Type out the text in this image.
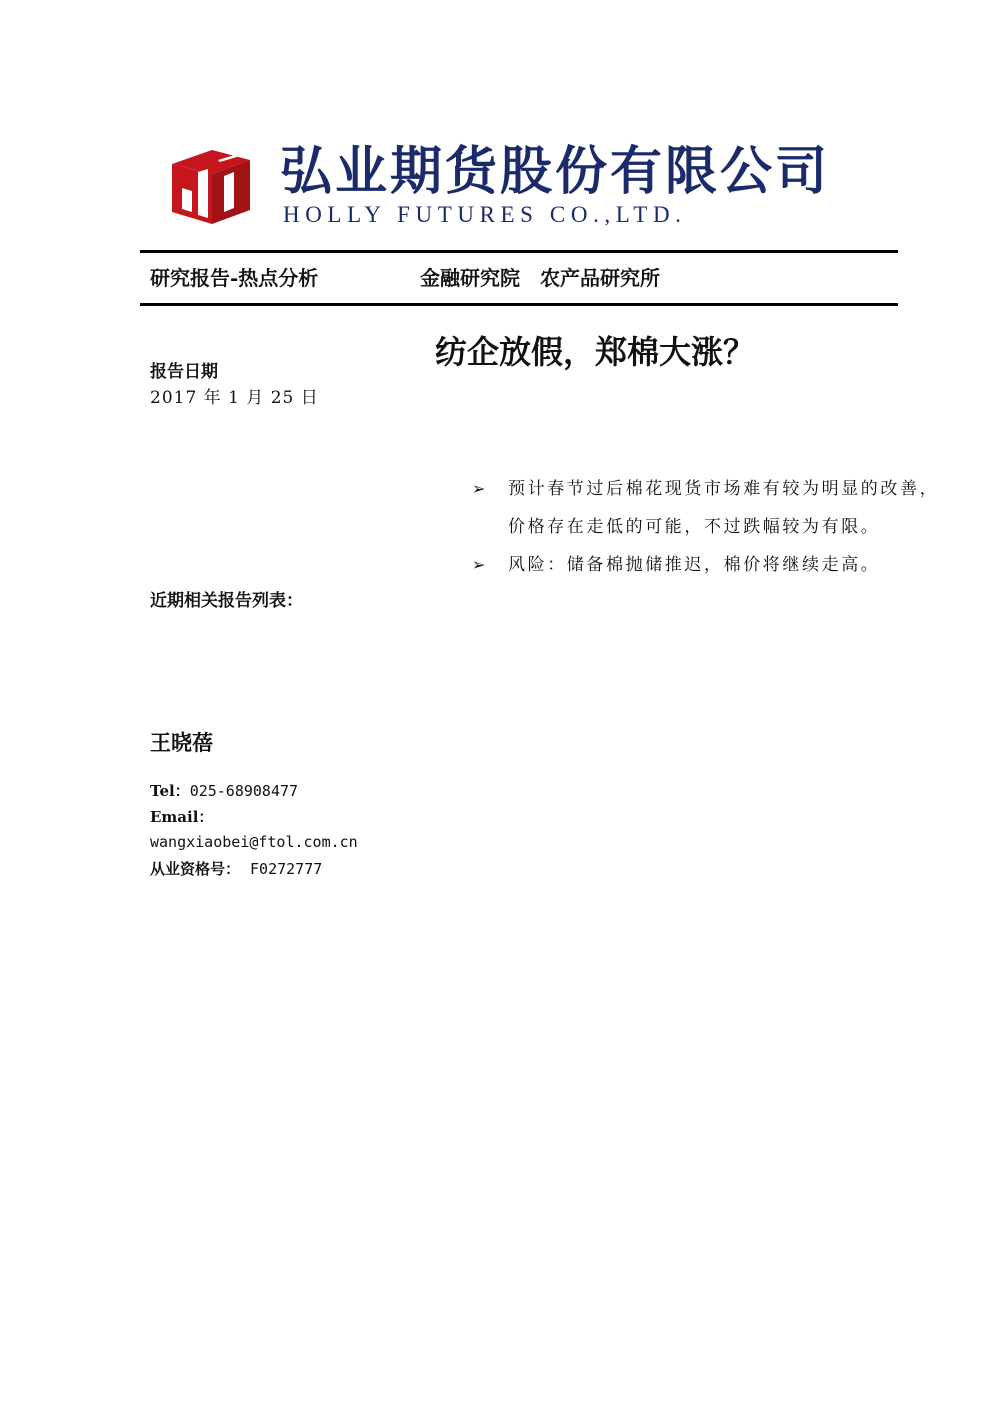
弘业期货股份有限公司
HOLLY FUTURES CO.,LTD.
研究报告-热点分析	金融研究院　农产品研究所
纺企放假，郑棉大涨？
报告日期
2017 年 1 月 25 日
➢ 预计春节过后棉花现货市场难有较为明显的改善，价格存在走低的可能，不过跌幅较为有限。
➢ 风险：储备棉抛储推迟，棉价将继续走高。
近期相关报告列表：
王晓蓓
Tel：025-68908477
Email：
wangxiaobei@ftol.com.cn
从业资格号： F0272777
